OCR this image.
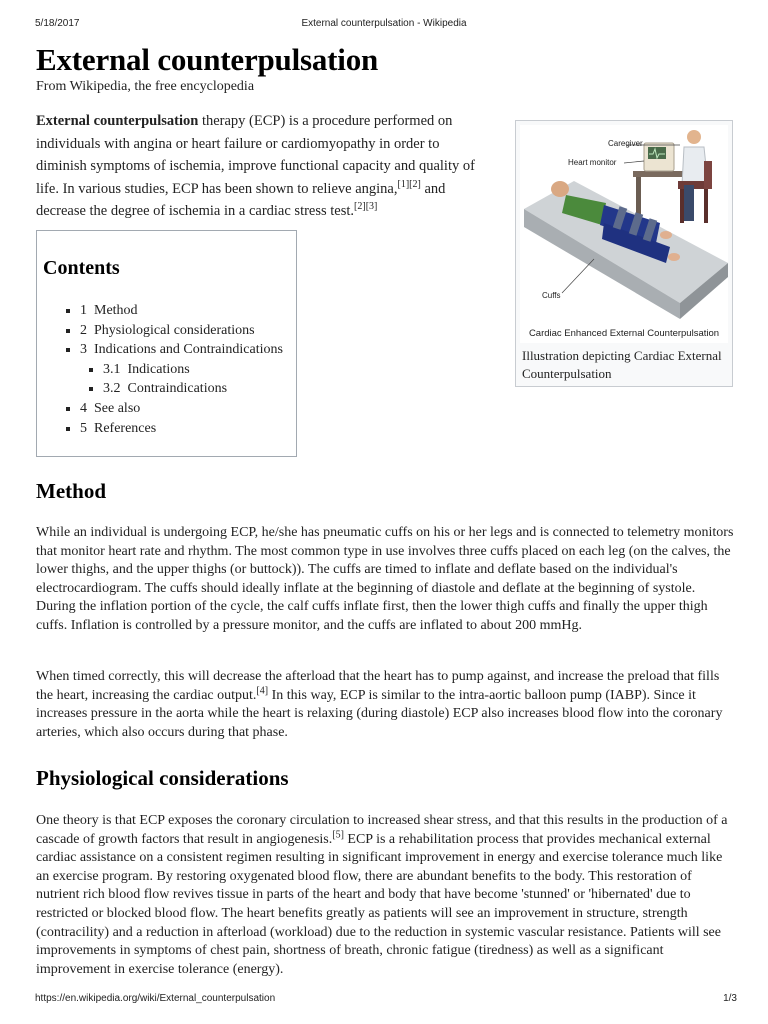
5/18/2017	External counterpulsation - Wikipedia
External counterpulsation
From Wikipedia, the free encyclopedia

External counterpulsation therapy (ECP) is a procedure performed on individuals with angina or heart failure or cardiomyopathy in order to diminish symptoms of ischemia, improve functional capacity and quality of life. In various studies, ECP has been shown to relieve angina,[1][2] and decrease the degree of ischemia in a cardiac stress test.[2][3]

Contents
▪ 1 Method
▪ 2 Physiological considerations
▪ 3 Indications and Contraindications
▪ 3.1 Indications
▪ 3.2 Contraindications
▪ 4 See also
▪ 5 References
Caregiver
Heart monitor
Cuffs
Cardiac Enhanced External Counterpulsation
Illustration depicting Cardiac External Counterpulsation
Method

While an individual is undergoing ECP, he/she has pneumatic cuffs on his or her legs and is connected to telemetry monitors that monitor heart rate and rhythm. The most common type in use involves three cuffs placed on each leg (on the calves, the lower thighs, and the upper thighs (or buttock)). The cuffs are timed to inflate and deflate based on the individual's electrocardiogram. The cuffs should ideally inflate at the beginning of diastole and deflate at the beginning of systole. During the inflation portion of the cycle, the calf cuffs inflate first, then the lower thigh cuffs and finally the upper thigh cuffs. Inflation is controlled by a pressure monitor, and the cuffs are inflated to about 200 mmHg.

When timed correctly, this will decrease the afterload that the heart has to pump against, and increase the preload that fills the heart, increasing the cardiac output.[4] In this way, ECP is similar to the intra-aortic balloon pump (IABP). Since it increases pressure in the aorta while the heart is relaxing (during diastole) ECP also increases blood flow into the coronary arteries, which also occurs during that phase.

Physiological considerations

One theory is that ECP exposes the coronary circulation to increased shear stress, and that this results in the production of a cascade of growth factors that result in angiogenesis.[5] ECP is a rehabilitation process that provides mechanical external cardiac assistance on a consistent regimen resulting in significant improvement in energy and exercise tolerance much like an exercise program. By restoring oxygenated blood flow, there are abundant benefits to the body. This restoration of nutrient rich blood flow revives tissue in parts of the heart and body that have become 'stunned' or 'hibernated' due to restricted or blocked blood flow. The heart benefits greatly as patients will see an improvement in structure, strength (contracility) and a reduction in afterload (workload) due to the reduction in systemic vascular resistance. Patients will see improvements in symptoms of chest pain, shortness of breath, chronic fatigue (tiredness) as well as a significant improvement in exercise tolerance (energy).

https://en.wikipedia.org/wiki/External_counterpulsation	1/3
